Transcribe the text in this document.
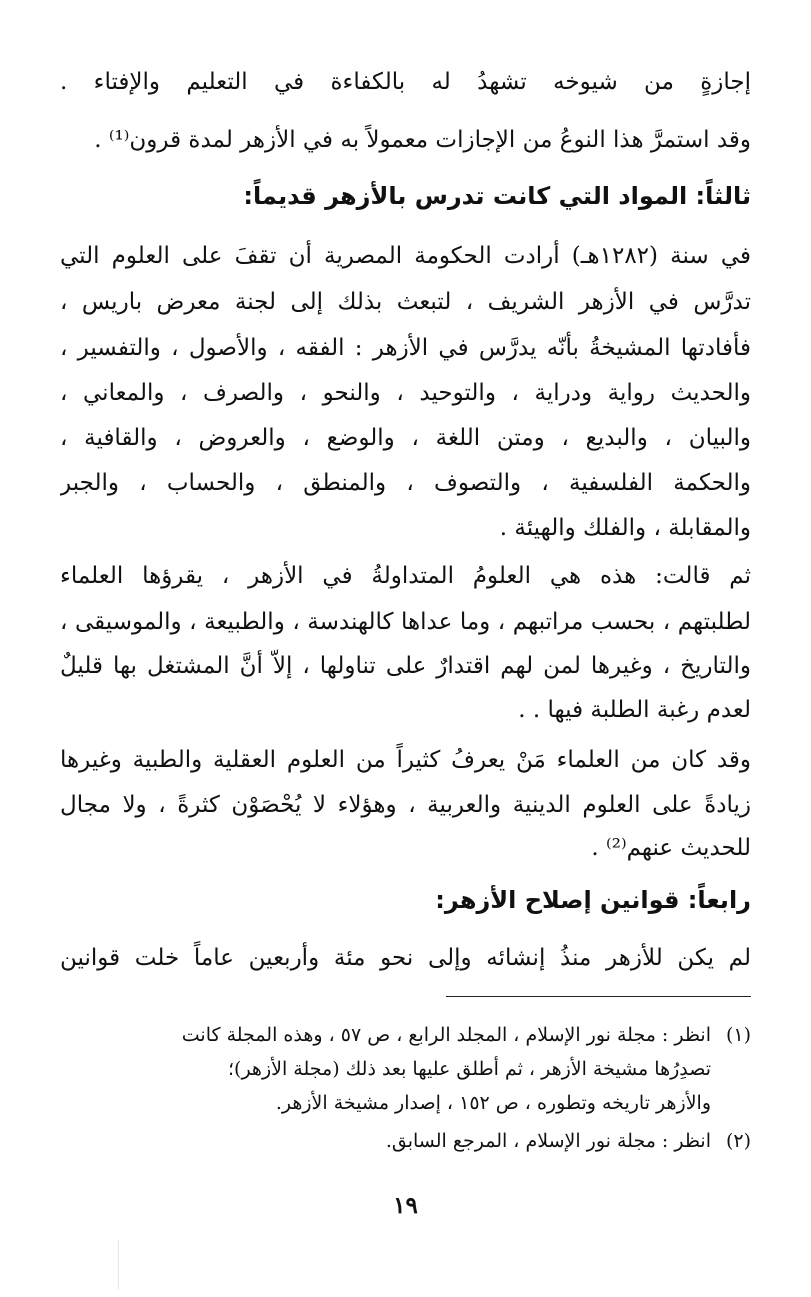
إجازةٍ من شيوخه تشهدُ له بالكفاءة في التعليم والإفتاء .
وقد استمرَّ هذا النوعُ من الإجازات معمولاً به في الأزهر لمدة قرون⁽¹⁾ .
ثالثاً: المواد التي كانت تدرس بالأزهر قديماً:
في سنة (١٢٨٢هـ) أرادت الحكومة المصرية أن تقفَ على العلوم التي
تدرَّس في الأزهر الشريف ، لتبعث بذلك إلى لجنة معرض باريس ،
فأفادتها المشيخةُ بأنّه يدرَّس في الأزهر : الفقه ، والأصول ، والتفسير ،
والحديث رواية ودراية ، والتوحيد ، والنحو ، والصرف ، والمعاني ،
والبيان ، والبديع ، ومتن اللغة ، والوضع ، والعروض ، والقافية ،
والحكمة الفلسفية ، والتصوف ، والمنطق ، والحساب ، والجبر
والمقابلة ، والفلك والهيئة .
ثم قالت: هذه هي العلومُ المتداولةُ في الأزهر ، يقرؤها العلماء
لطلبتهم ، بحسب مراتبهم ، وما عداها كالهندسة ، والطبيعة ، والموسيقى ،
والتاريخ ، وغيرها لمن لهم اقتدارٌ على تناولها ، إلاّ أنَّ المشتغل بها قليلٌ
لعدم رغبة الطلبة فيها . .
وقد كان من العلماء مَنْ يعرفُ كثيراً من العلوم العقلية والطبية وغيرها
زيادةً على العلوم الدينية والعربية ، وهؤلاء لا يُحْصَوْن كثرةً ، ولا مجال
للحديث عنهم⁽²⁾ .
رابعاً: قوانين إصلاح الأزهر:
لم يكن للأزهر منذُ إنشائه وإلى نحو مئة وأربعين عاماً خلت قوانين
(١)انظر : مجلة نور الإسلام ، المجلد الرابع ، ص ٥٧ ، وهذه المجلة كانت
تصدِرُها مشيخة الأزهر ، ثم أطلق عليها بعد ذلك (مجلة الأزهر)؛
والأزهر تاريخه وتطوره ، ص ١٥٢ ، إصدار مشيخة الأزهر.
(٢)انظر : مجلة نور الإسلام ، المرجع السابق.
١٩
